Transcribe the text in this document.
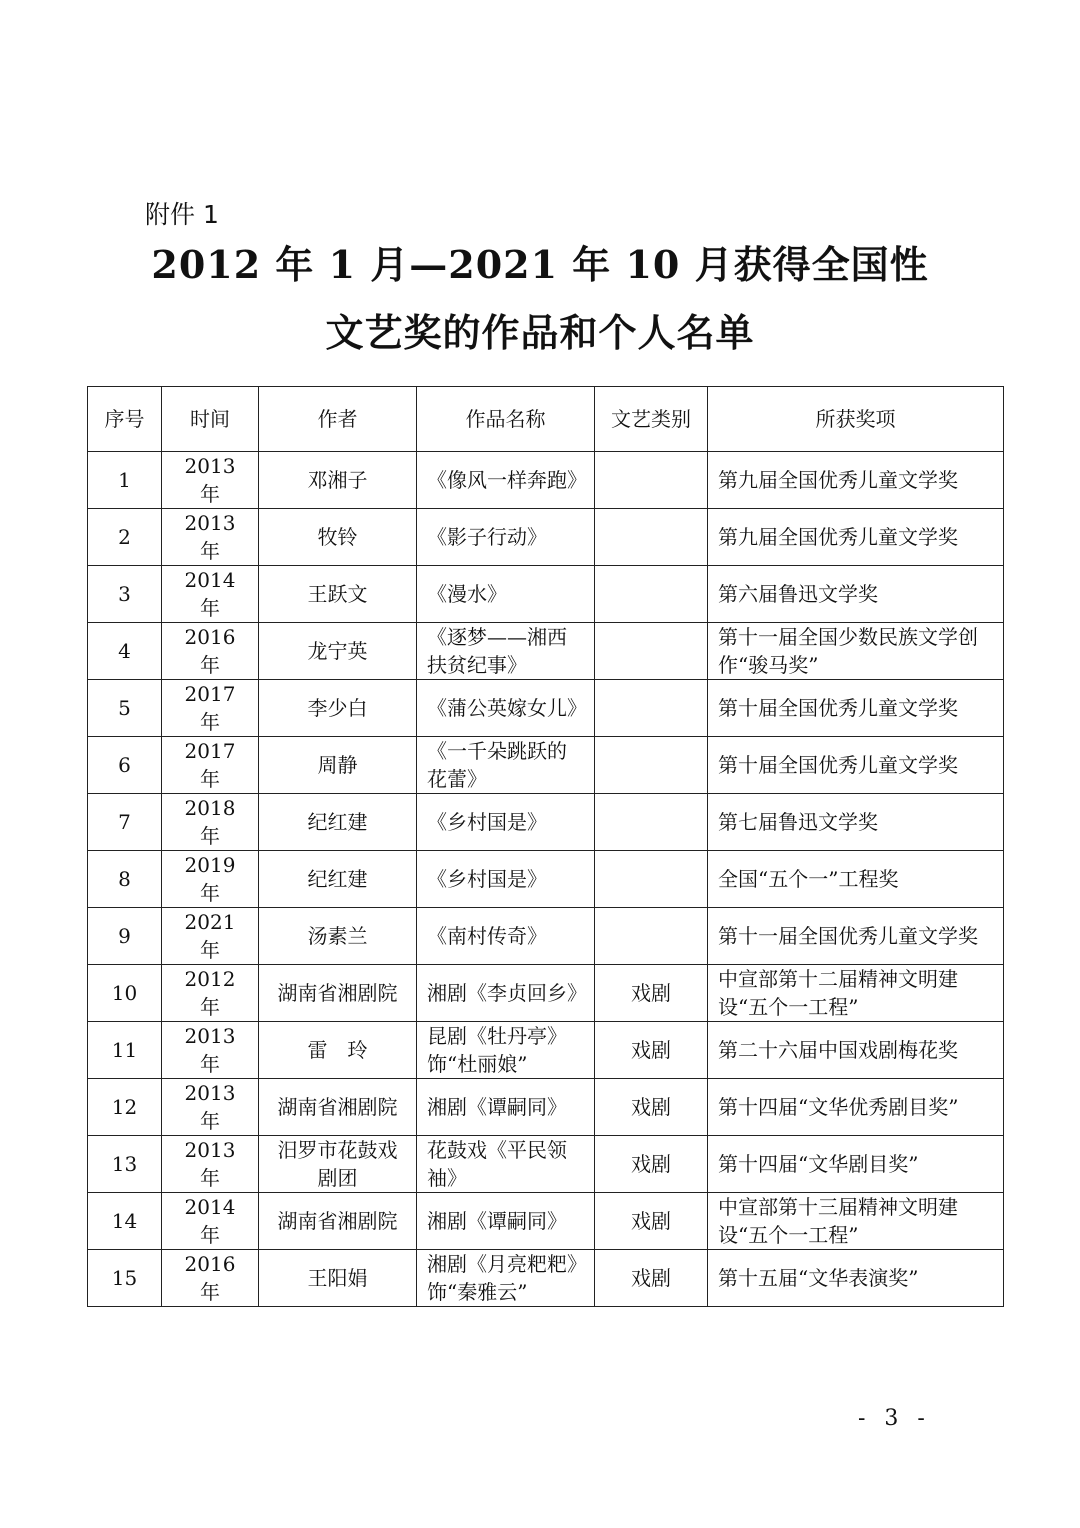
附件 1
2012 年 1 月—2021 年 10 月获得全国性
文艺奖的作品和个人名单
序号	时间	作者	作品名称	文艺类别	所获奖项
1	2013 年	邓湘子	《像风一样奔跑》		第九届全国优秀儿童文学奖
2	2013 年	牧铃	《影子行动》		第九届全国优秀儿童文学奖
3	2014 年	王跃文	《漫水》		第六届鲁迅文学奖
4	2016 年	龙宁英	《逐梦——湘西扶贫纪事》		第十一届全国少数民族文学创作“骏马奖”
5	2017 年	李少白	《蒲公英嫁女儿》		第十届全国优秀儿童文学奖
6	2017 年	周静	《一千朵跳跃的花蕾》		第十届全国优秀儿童文学奖
7	2018 年	纪红建	《乡村国是》		第七届鲁迅文学奖
8	2019 年	纪红建	《乡村国是》		全国“五个一”工程奖
9	2021 年	汤素兰	《南村传奇》		第十一届全国优秀儿童文学奖
10	2012 年	湖南省湘剧院	湘剧《李贞回乡》	戏剧	中宣部第十二届精神文明建设“五个一工程”
11	2013 年	雷　玲	昆剧《牡丹亭》饰“杜丽娘”	戏剧	第二十六届中国戏剧梅花奖
12	2013 年	湖南省湘剧院	湘剧《谭嗣同》	戏剧	第十四届“文华优秀剧目奖”
13	2013 年	汨罗市花鼓戏剧团	花鼓戏《平民领袖》	戏剧	第十四届“文华剧目奖”
14	2014 年	湖南省湘剧院	湘剧《谭嗣同》	戏剧	中宣部第十三届精神文明建设“五个一工程”
15	2016 年	王阳娟	湘剧《月亮粑粑》饰“秦雅云”	戏剧	第十五届“文华表演奖”
- 3 -
